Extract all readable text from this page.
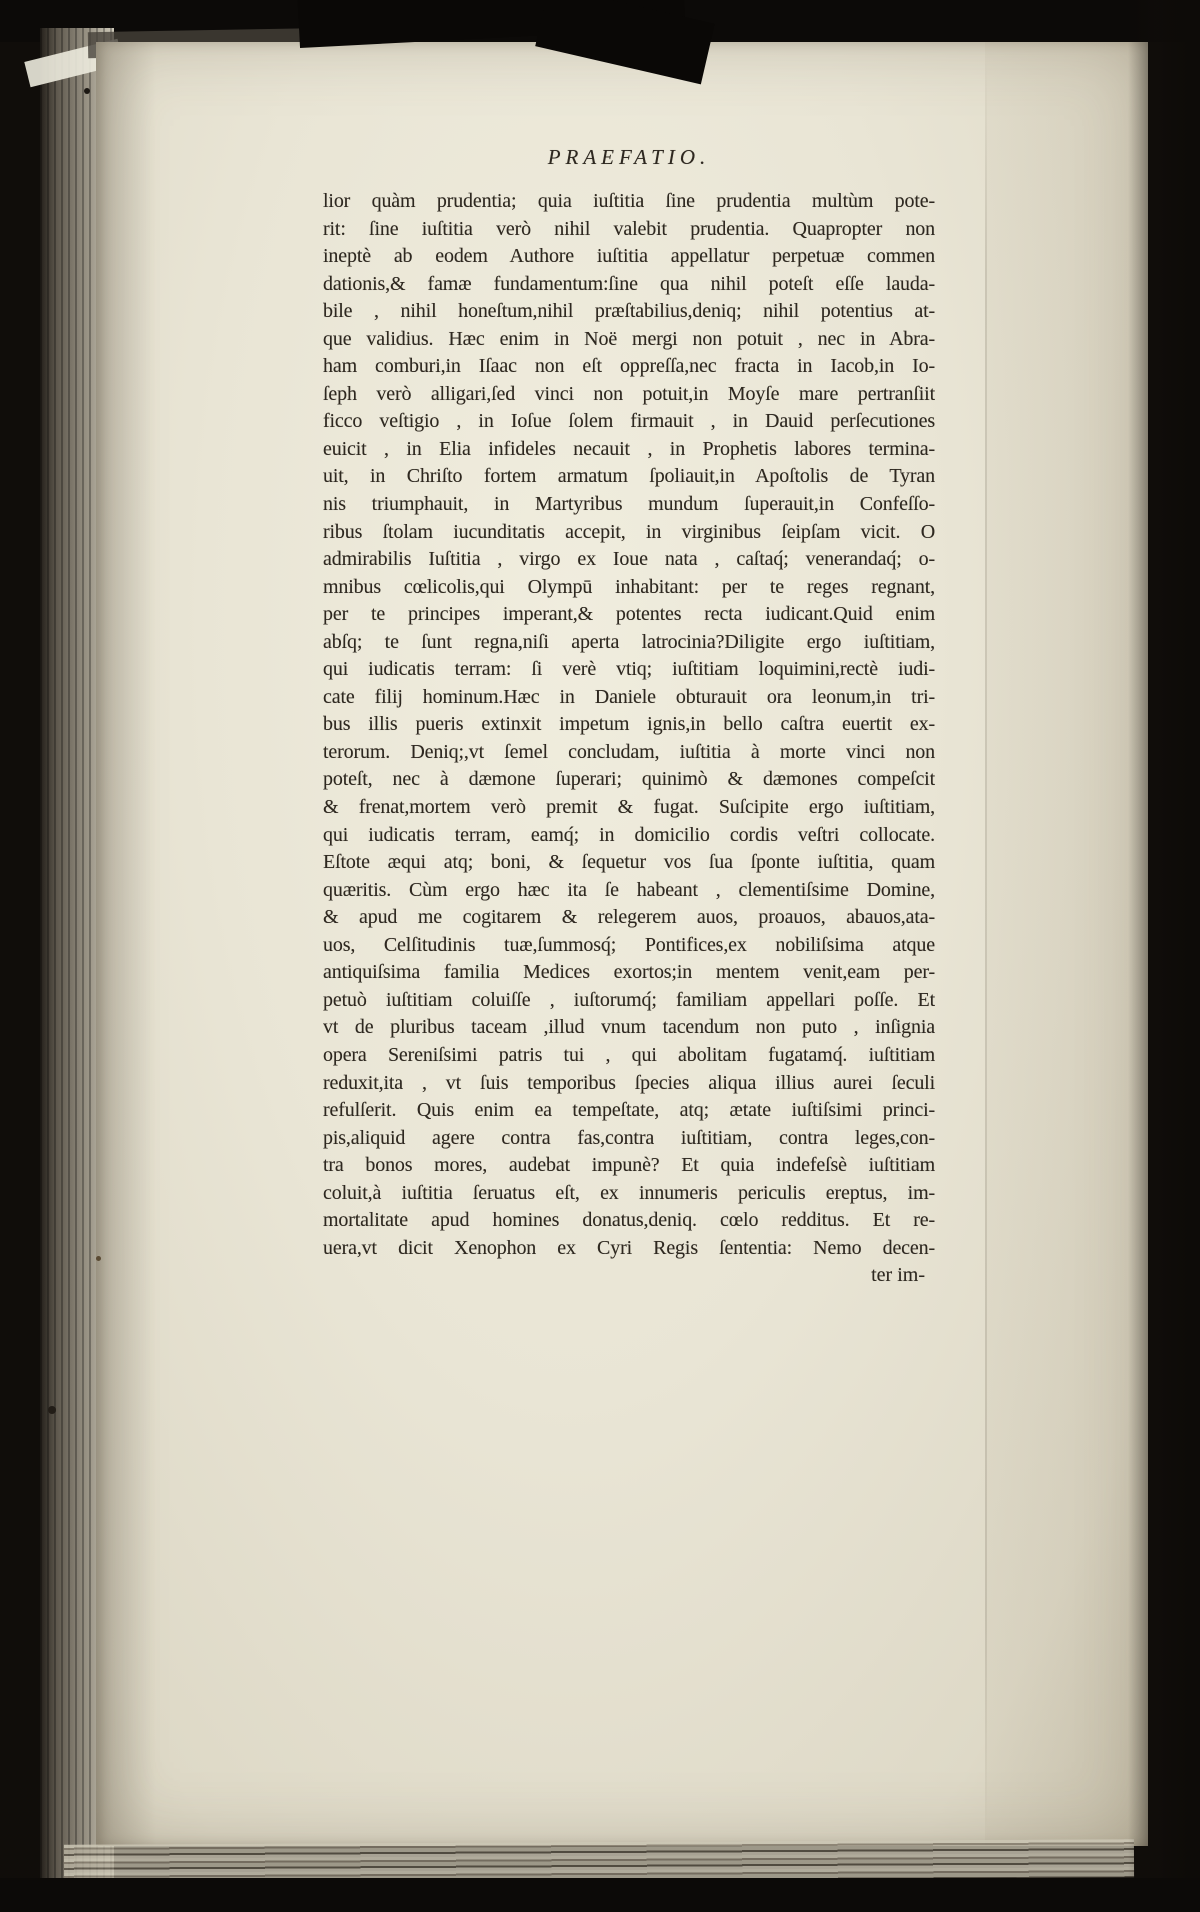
PRAEFATIO.
lior quàm prudentia; quia iuſtitia ſine prudentia multùm pote-
rit: ſine iuſtitia verò nihil valebit prudentia. Quapropter non
ineptè ab eodem Authore iuſtitia appellatur perpetuæ commen
dationis,& famæ fundamentum:ſine qua nihil poteſt eſſe lauda-
bile , nihil honeſtum,nihil præſtabilius,deniq; nihil potentius at-
que validius. Hæc enim in Noë mergi non potuit , nec in Abra-
ham comburi,in Iſaac non eſt oppreſſa,nec fracta in Iacob,in Io-
ſeph verò alligari,ſed vinci non potuit,in Moyſe mare pertranſiit
ficco veſtigio , in Ioſue ſolem firmauit , in Dauid perſecutiones
euicit , in Elia infideles necauit , in Prophetis labores termina-
uit, in Chriſto fortem armatum ſpoliauit,in Apoſtolis de Tyran
nis triumphauit, in Martyribus mundum ſuperauit,in Confeſſo-
ribus ſtolam iucunditatis accepit, in virginibus ſeipſam vicit. O
admirabilis Iuſtitia , virgo ex Ioue nata , caſtaq́; venerandaq́; o-
mnibus cœlicolis,qui Olympū inhabitant: per te reges regnant,
per te principes imperant,& potentes recta iudicant.Quid enim
abſq; te ſunt regna,niſi aperta latrocinia?Diligite ergo iuſtitiam,
qui iudicatis terram: ſi verè vtiq; iuſtitiam loquimini,rectè iudi-
cate filij hominum.Hæc in Daniele obturauit ora leonum,in tri-
bus illis pueris extinxit impetum ignis,in bello caſtra euertit ex-
terorum. Deniq;,vt ſemel concludam, iuſtitia à morte vinci non
poteſt, nec à dæmone ſuperari; quinimò & dæmones compeſcit
& frenat,mortem verò premit & fugat. Suſcipite ergo iuſtitiam,
qui iudicatis terram, eamq́; in domicilio cordis veſtri collocate.
Eſtote æqui atq; boni, & ſequetur vos ſua ſponte iuſtitia, quam
quæritis. Cùm ergo hæc ita ſe habeant , clementiſsime Domine,
& apud me cogitarem & relegerem auos, proauos, abauos,ata-
uos, Celſitudinis tuæ,ſummosq́; Pontifices,ex nobiliſsima atque
antiquiſsima familia Medices exortos;in mentem venit,eam per-
petuò iuſtitiam coluiſſe , iuſtorumq́; familiam appellari poſſe. Et
vt de pluribus taceam ,illud vnum tacendum non puto , inſignia
opera Sereniſsimi patris tui , qui abolitam fugatamq́. iuſtitiam
reduxit,ita , vt ſuis temporibus ſpecies aliqua illius aurei ſeculi
refulſerit. Quis enim ea tempeſtate, atq; ætate iuſtiſsimi princi-
pis,aliquid agere contra fas,contra iuſtitiam, contra leges,con-
tra bonos mores, audebat impunè? Et quia indefeſsè iuſtitiam
coluit,à iuſtitia ſeruatus eſt, ex innumeris periculis ereptus, im-
mortalitate apud homines donatus,deniq. cœlo redditus. Et re-
uera,vt dicit Xenophon ex Cyri Regis ſententia: Nemo decen-
ter im-
